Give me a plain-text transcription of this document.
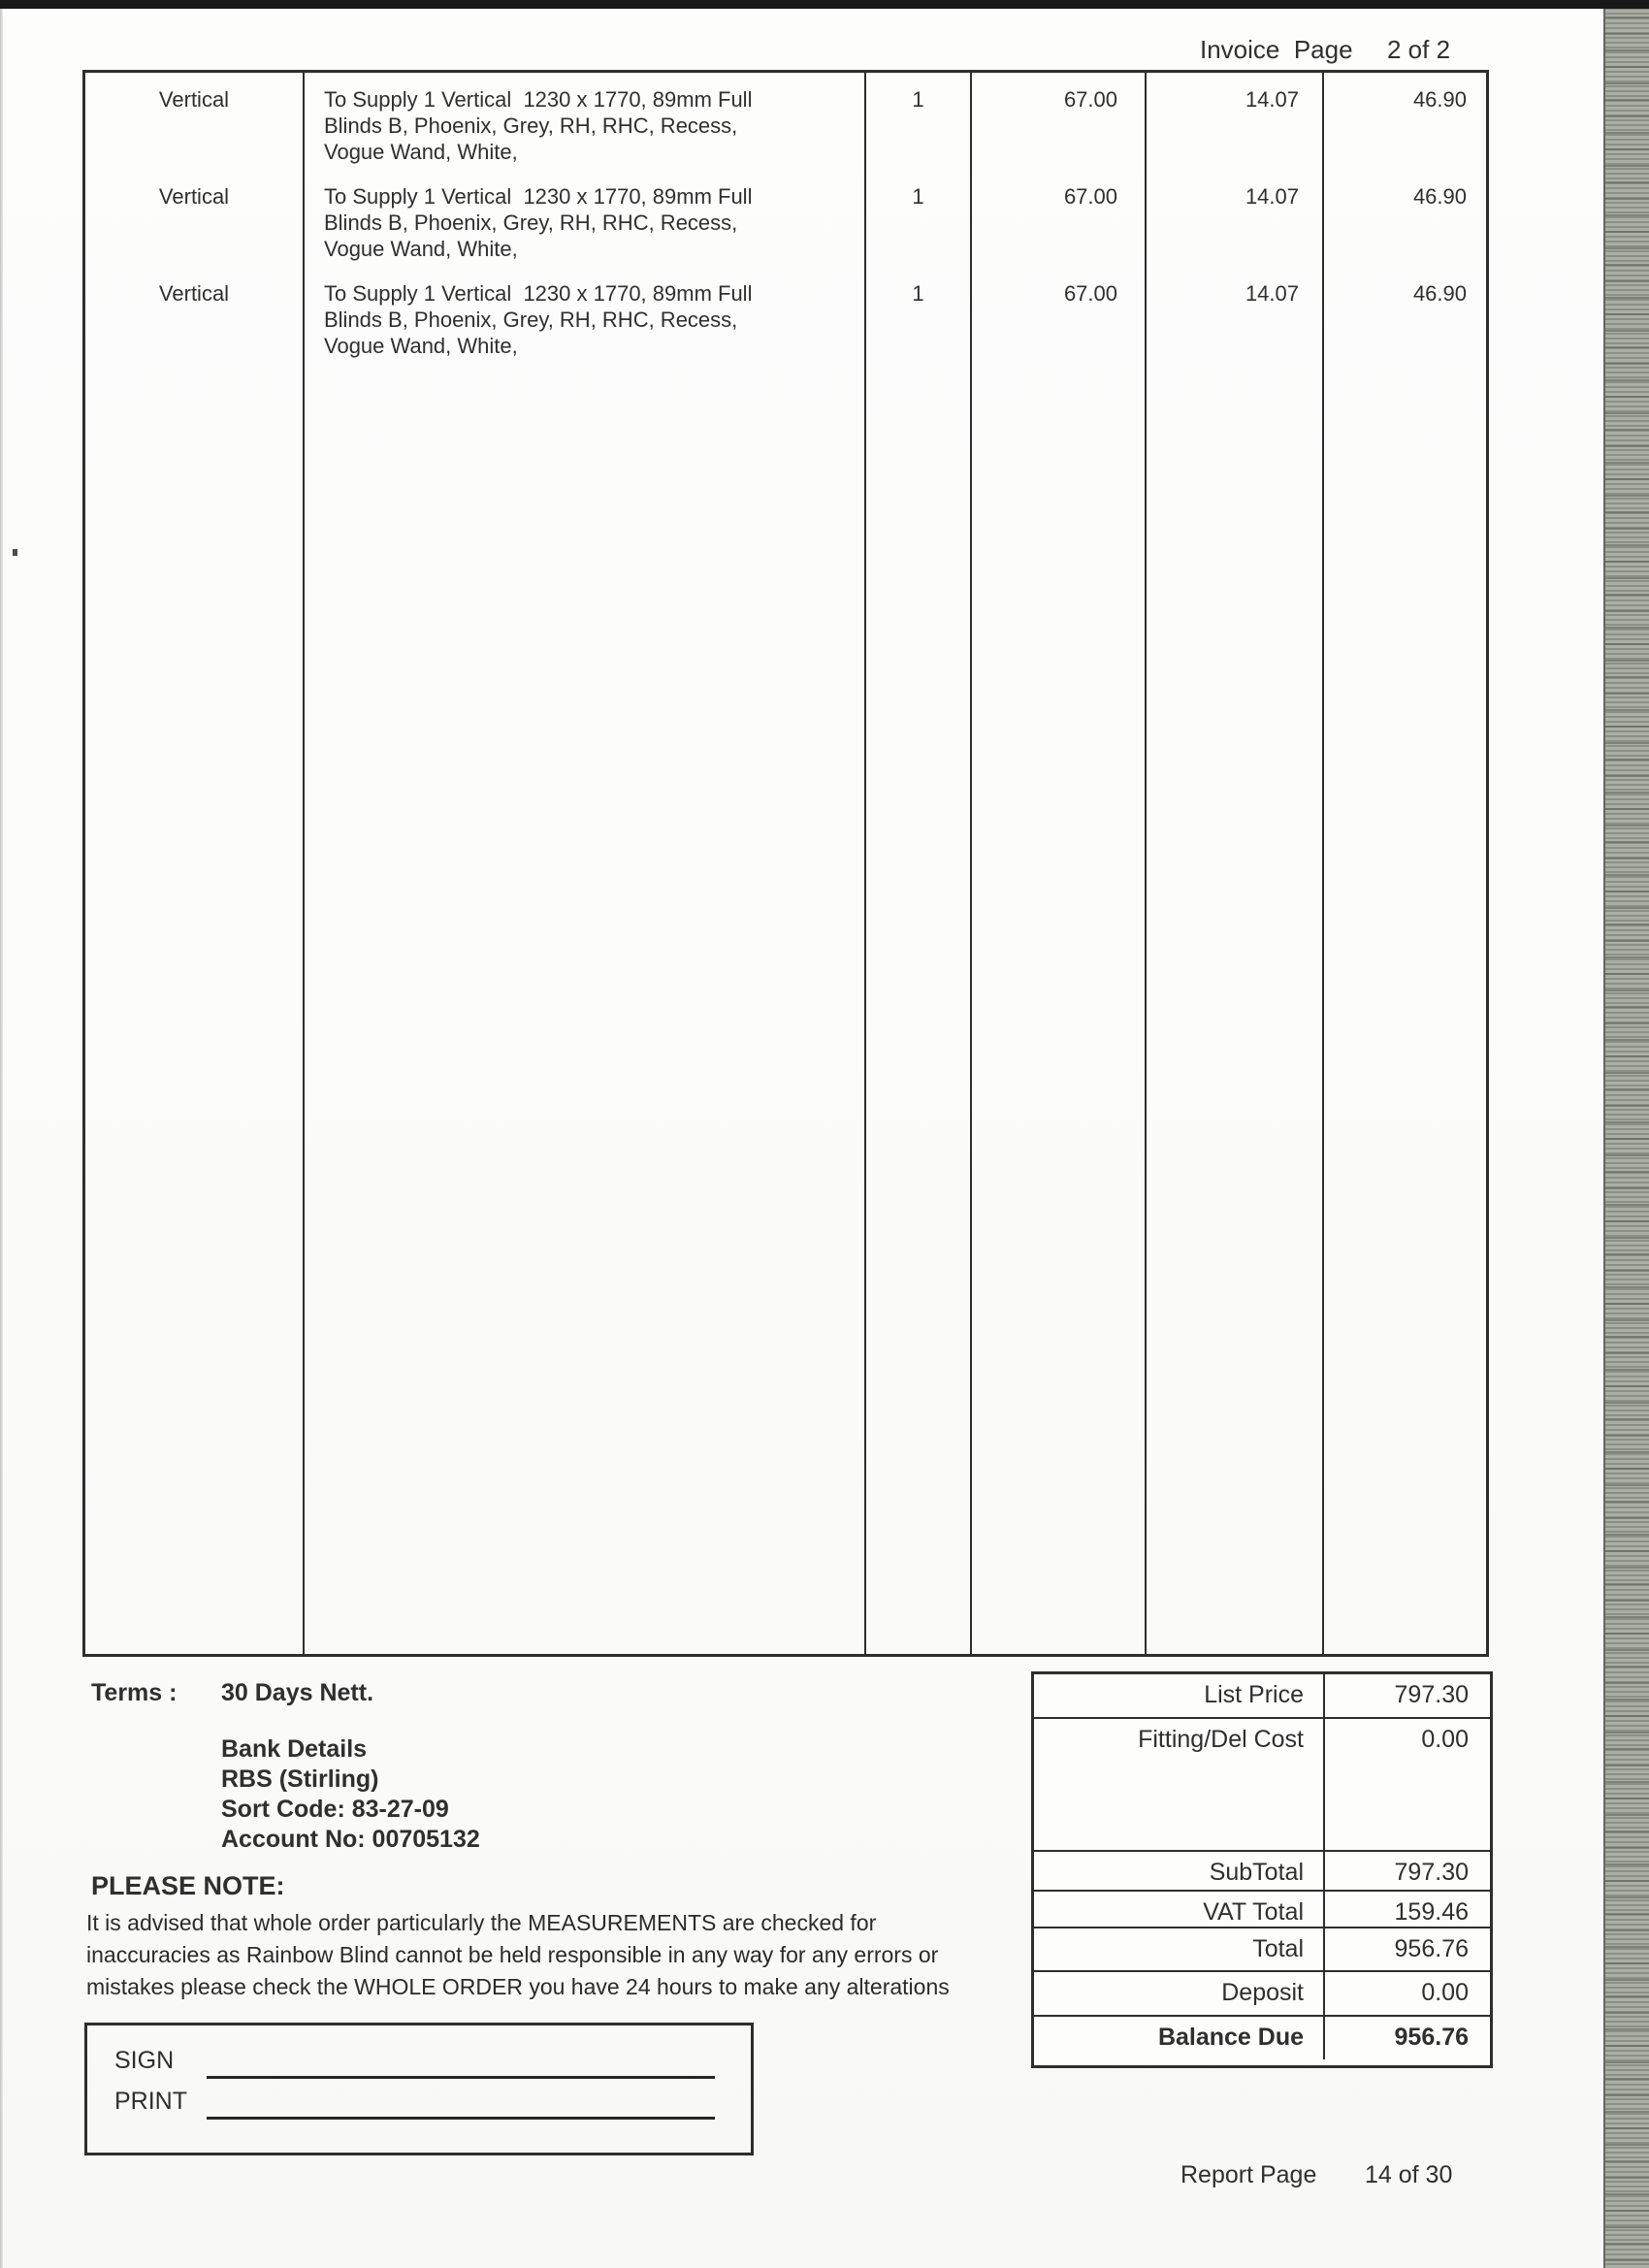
Invoice  Page 2 of 2
Vertical	To Supply 1 Vertical  1230 x 1770, 89mm Full
Blinds B, Phoenix, Grey, RH, RHC, Recess,
Vogue Wand, White,
1	67.00	14.07	46.90
Vertical	To Supply 1 Vertical  1230 x 1770, 89mm Full
Blinds B, Phoenix, Grey, RH, RHC, Recess,
Vogue Wand, White,
1	67.00	14.07	46.90
Vertical	To Supply 1 Vertical  1230 x 1770, 89mm Full
Blinds B, Phoenix, Grey, RH, RHC, Recess,
Vogue Wand, White,
1	67.00	14.07	46.90
Terms : 30 Days Nett.
Bank Details
RBS (Stirling)
Sort Code: 83-27-09
Account No: 00705132
PLEASE NOTE:
It is advised that whole order particularly the MEASUREMENTS are checked for inaccuracies as Rainbow Blind cannot be held responsible in any way for any errors or mistakes please check the WHOLE ORDER you have 24 hours to make any alterations
List Price	797.30
Fitting/Del Cost	0.00
SubTotal	797.30
VAT Total	159.46
Total	956.76
Deposit	0.00
Balance Due	956.76
SIGN
PRINT
Report Page 14 of 30
